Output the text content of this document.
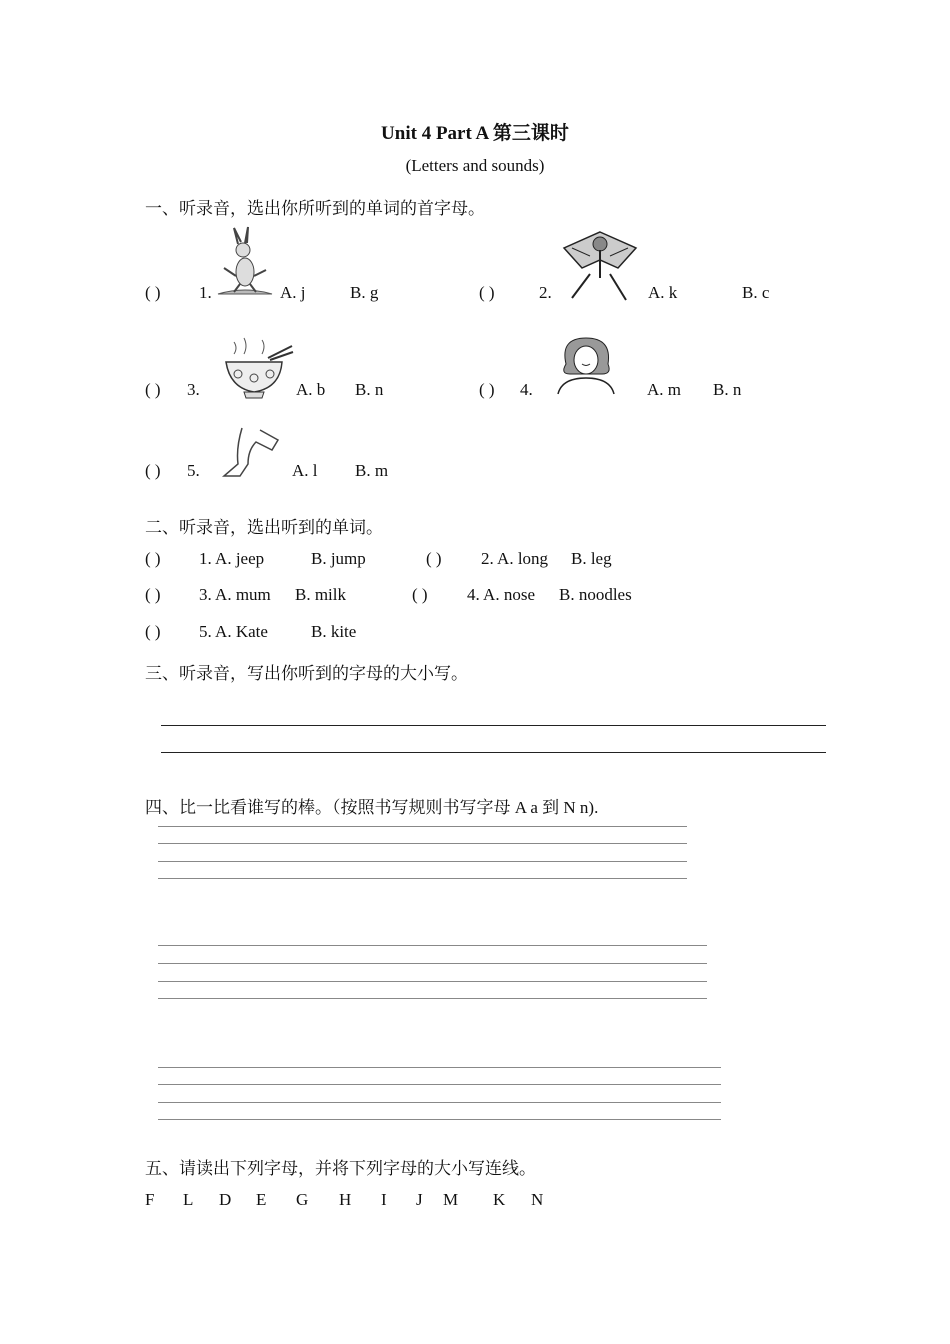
Unit 4 Part A 第三课时
(Letters and sounds)
一、听录音，选出你所听到的单词的首字母。
( ) 1.	A. j	B. g	( )	2.	A. k	B. c
( ) 3.	A. b B. n	( ) 4.	A. m B. n
( ) 5.	A. l B. m
二、听录音，选出听到的单词。
( ) 1. A. jeep	B. jump	( ) 2. A. long B. leg
( ) 3. A. mum B. milk	( ) 4. A. nose B. noodles
( ) 5. A. Kate	B. kite
三、听录音，写出你听到的字母的大小写。
四、比一比看谁写的棒。（按照书写规则书写字母 A a 到 N n).
五、请读出下列字母，并将下列字母的大小写连线。
F L D E G H I J M K N
